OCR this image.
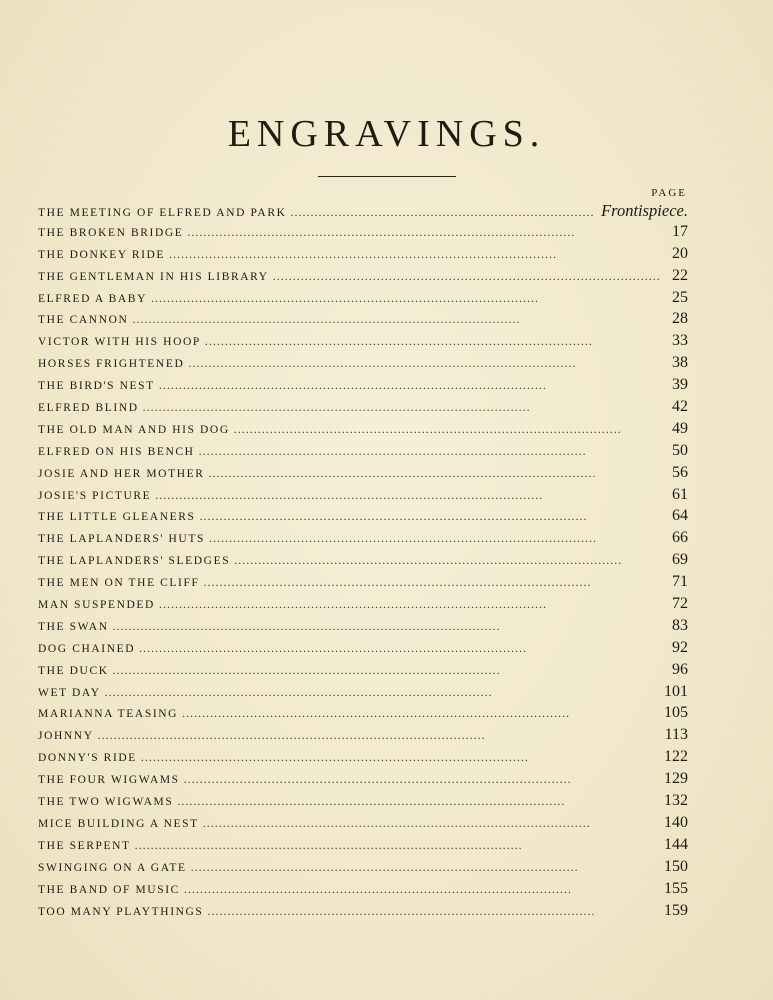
ENGRAVINGS.
PAGE
THE MEETING OF ELFRED AND PARK . . .	Frontispiece.
THE BROKEN BRIDGE . . .	17
THE DONKEY RIDE . . .	20
THE GENTLEMAN IN HIS LIBRARY . . .	22
ELFRED A BABY . . .	25
THE CANNON . . .	28
VICTOR WITH HIS HOOP . . .	33
HORSES FRIGHTENED . . .	38
THE BIRD'S NEST . . .	39
ELFRED BLIND . . .	42
THE OLD MAN AND HIS DOG . . .	49
ELFRED ON HIS BENCH . . .	50
JOSIE AND HER MOTHER . . .	56
JOSIE'S PICTURE . . .	61
THE LITTLE GLEANERS . . .	64
THE LAPLANDERS' HUTS . . .	66
THE LAPLANDERS' SLEDGES . . .	69
THE MEN ON THE CLIFF . . .	71
MAN SUSPENDED . . .	72
THE SWAN . . .	83
DOG CHAINED . . .	92
THE DUCK . . .	96
WET DAY . . .	101
MARIANNA TEASING . . .	105
JOHNNY . . .	113
DONNY'S RIDE . . .	122
THE FOUR WIGWAMS . . .	129
THE TWO WIGWAMS . . .	132
MICE BUILDING A NEST . . .	140
THE SERPENT . . .	144
SWINGING ON A GATE . . .	150
THE BAND OF MUSIC . . .	155
TOO MANY PLAYTHINGS . . .	159
